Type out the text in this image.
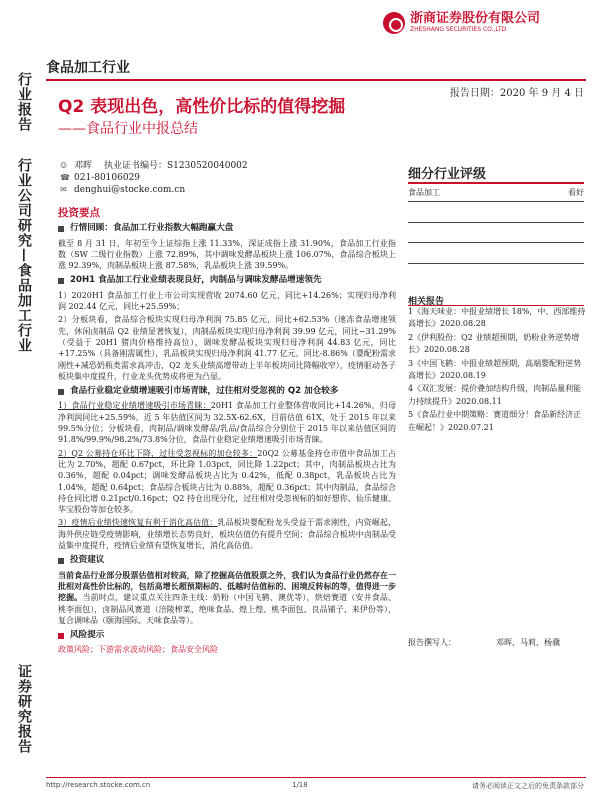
行业报告
行业公司研究—食品加工行业
证券研究报告
浙商证券股份有限公司
ZHESHANG SECURITIES CO.,LTD
食品加工行业
报告日期：2020 年 9 月 4 日
Q2 表现出色，高性价比标的值得挖掘
——食品行业中报总结
☺ 邓晖 执业证书编号：S1230520040002
☎ 021-80106029
✉ denghui@stocke.com.cn
投资要点
行情回顾：食品加工行业指数大幅跑赢大盘
截至 8 月 31 日，年初至今上证综指上涨 11.33%，深证成指上涨 31.90%，食品加工行业指数（SW 二级行业指数）上涨 72.89%，其中调味发酵品板块上涨 106.07%，食品综合板块上涨 92.39%，肉制品板块上涨 87.58%，乳品板块上涨 39.59%。
20H1 食品加工行业业绩表现良好，肉制品与调味发酵品增速领先
1）2020H1 食品加工行业上市公司实现营收 2074.60 亿元，同比+14.26%；实现归母净利润 202.44 亿元，同比+25.59%；
2）分板块看，食品综合板块实现归母净利润 75.85 亿元，同比+62.53%（速冻食品增速领先，休闲卤制品 Q2 业绩显著恢复），肉制品板块实现归母净利润 39.99 亿元，同比−31.29%（受益于 20H1 猪肉价格维持高位），调味发酵品板块实现归母净利润 44.83 亿元，同比+17.25%（具备刚需属性），乳品板块实现归母净利润 41.77 亿元，同比-8.86%（婴配粉需求刚性+减恐奶瓶类需求高冲击，Q2 龙头业绩高增带动上半年板块同比降幅收窄），疫情驱动各子板块集中度提升，行业龙头优势成将更为凸显。
食品行业稳定业绩增速吸引市场青睐，过往相对受忽视的 Q2 加仓较多
1）食品行业稳定业绩增速吸引市场青睐：20H1 食品加工行业整体营收同比+14.26%，归母净利润同比+25.59%，近 5 年估值区间为 32.5X-62.6X，目前估值 61X，处于 2015 年以来 99.5%分位；分板块看，肉制品/调味发酵品/乳品/食品综合分别位于 2015 年以来估值区间的 91.8%/99.9%/98.2%/73.8%分位，食品行业稳定业绩增速吸引市场青睐。
2）Q2 公募持仓环比下降，过往受忽视标的加仓较多：20Q2 公募基金持仓市值中食品加工占比为 2.70%，超配 0.67pct，环比降 1.03pct，同比降 1.22pct；其中，肉制品板块占比为 0.36%，超配 0.04pct；调味发酵品板块占比为 0.42%，低配 0.38pct，乳品板块占比为 1.04%，超配 0.64pct；食品综合板块占比为 0.88%，超配 0.36pct；其中肉制品，食品综合持仓同比增 0.21pct/0.16pct；Q2 持仓出现分化，过往相对受忽视标的如好想你、仙乐健康、华宝股份等加仓较多。
3）疫情后业绩快速恢复有利于消化高估值：乳品板块婴配粉龙头受益于需求刚性，内资崛起，海外供应链受疫情影响，业绩增长态势良好，板块估值仍有提升空间；食品综合板块中卤制品受益集中度提升，疫情后业绩有望恢复增长，消化高估值。
投资建议
当前食品行业部分股票估值相对较高，除了挖掘高估值股票之外，我们认为食品行业仍然存在一批相对高性价比标的，包括高增长超预期标的、低越时估值标的、困境反转标的等，值得进一步挖掘。当前时点，建议重点关注四条主线：奶粉（中国飞鹤、澳优等），烘焙赛道（安井食品、桃李面包），卤制品风赛道（涪陵榨菜、绝味食品、煌上煌、桃李面包、良品铺子、来伊份等），复合调味品（颐海国际、天味食品等）。
风险提示
政策风险；下游需求波动风险；食品安全风险
细分行业评级
食品加工	看好
相关报告
1《海天味业：中报业绩增长 18%，中、西部维持高增长》2020.08.28
2《伊利股份：Q2 业绩超预期，奶粉业务逆势增长》2020.08.28
3《中国飞鹤：中报业绩超预期，高端婴配粉逆势高增长》2020.08.19
4《双汇发展：提价叠加结构升级，肉制品量利能力持续提升》2020.08.11
5《食品行业中期策略：赛道细分！食品新经济正在崛起！》2020.07.21
报告撰写人：	邓晖、马莉、杨骥
http://research.stocke.com.cn	1/18	请务必阅读正文之后的免责条款部分
